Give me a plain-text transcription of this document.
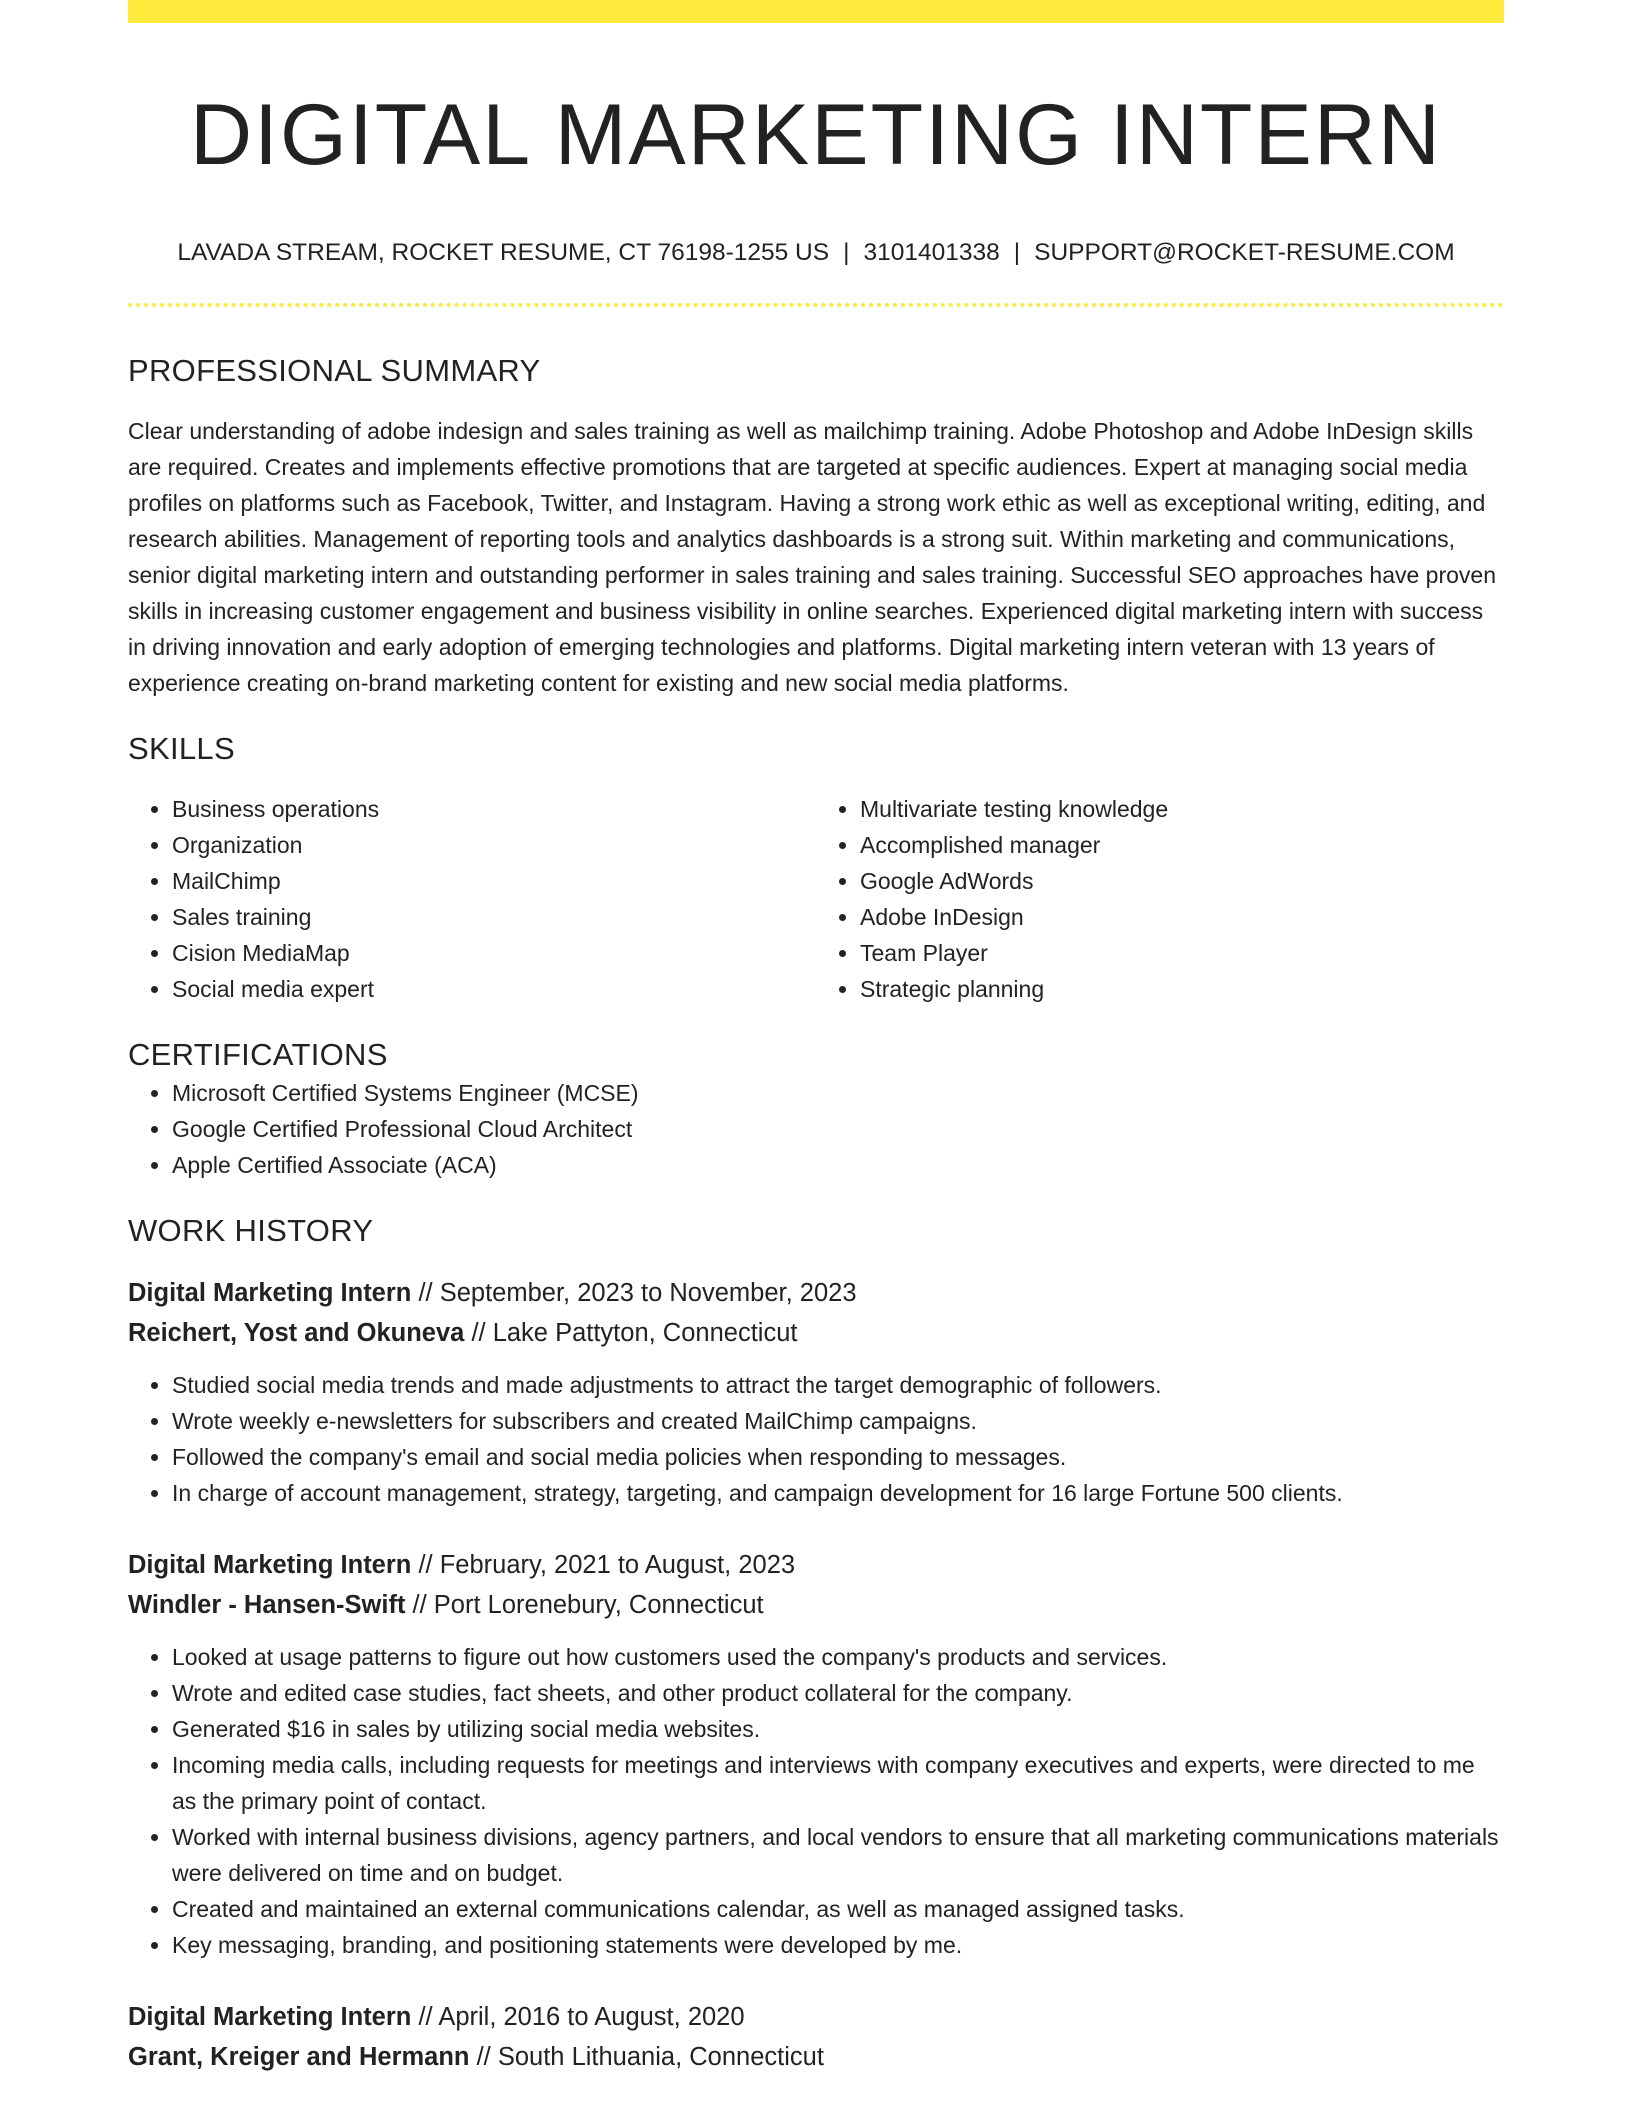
DIGITAL MARKETING INTERN
LAVADA STREAM, ROCKET RESUME, CT 76198-1255 US | 3101401338 | SUPPORT@ROCKET-RESUME.COM
PROFESSIONAL SUMMARY
Clear understanding of adobe indesign and sales training as well as mailchimp training. Adobe Photoshop and Adobe InDesign skills are required. Creates and implements effective promotions that are targeted at specific audiences. Expert at managing social media profiles on platforms such as Facebook, Twitter, and Instagram. Having a strong work ethic as well as exceptional writing, editing, and research abilities. Management of reporting tools and analytics dashboards is a strong suit. Within marketing and communications, senior digital marketing intern and outstanding performer in sales training and sales training. Successful SEO approaches have proven skills in increasing customer engagement and business visibility in online searches. Experienced digital marketing intern with success in driving innovation and early adoption of emerging technologies and platforms. Digital marketing intern veteran with 13 years of experience creating on-brand marketing content for existing and new social media platforms.
SKILLS
• Business operations
• Organization
• MailChimp
• Sales training
• Cision MediaMap
• Social media expert
• Multivariate testing knowledge
• Accomplished manager
• Google AdWords
• Adobe InDesign
• Team Player
• Strategic planning
CERTIFICATIONS
• Microsoft Certified Systems Engineer (MCSE)
• Google Certified Professional Cloud Architect
• Apple Certified Associate (ACA)
WORK HISTORY
Digital Marketing Intern // September, 2023 to November, 2023
Reichert, Yost and Okuneva // Lake Pattyton, Connecticut
• Studied social media trends and made adjustments to attract the target demographic of followers.
• Wrote weekly e-newsletters for subscribers and created MailChimp campaigns.
• Followed the company's email and social media policies when responding to messages.
• In charge of account management, strategy, targeting, and campaign development for 16 large Fortune 500 clients.
Digital Marketing Intern // February, 2021 to August, 2023
Windler - Hansen-Swift // Port Lorenebury, Connecticut
• Looked at usage patterns to figure out how customers used the company's products and services.
• Wrote and edited case studies, fact sheets, and other product collateral for the company.
• Generated $16 in sales by utilizing social media websites.
• Incoming media calls, including requests for meetings and interviews with company executives and experts, were directed to me as the primary point of contact.
• Worked with internal business divisions, agency partners, and local vendors to ensure that all marketing communications materials were delivered on time and on budget.
• Created and maintained an external communications calendar, as well as managed assigned tasks.
• Key messaging, branding, and positioning statements were developed by me.
Digital Marketing Intern // April, 2016 to August, 2020
Grant, Kreiger and Hermann // South Lithuania, Connecticut
